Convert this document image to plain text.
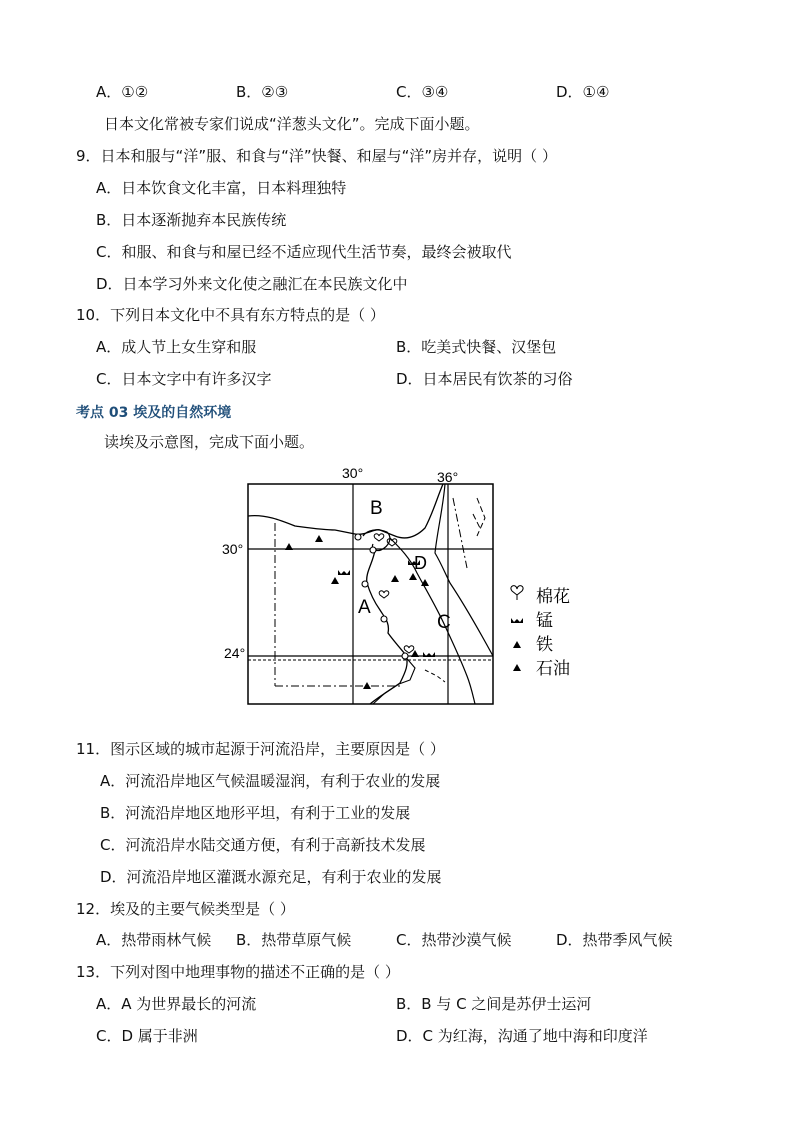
A．①②	B．②③	C．③④	D．①④
日本文化常被专家们说成“洋葱头文化”。完成下面小题。
9．日本和服与“洋”服、和食与“洋”快餐、和屋与“洋”房并存，说明（ ）
A．日本饮食文化丰富，日本料理独特
B．日本逐渐抛弃本民族传统
C．和服、和食与和屋已经不适应现代生活节奏，最终会被取代
D．日本学习外来文化使之融汇在本民族文化中
10．下列日本文化中不具有东方特点的是（ ）
A．成人节上女生穿和服	B．吃美式快餐、汉堡包
C．日本文字中有许多汉字	D．日本居民有饮茶的习俗
考点 03 埃及的自然环境
读埃及示意图，完成下面小题。
30°	36°
30°
24°
B
A
C
D
棉花
锰
铁
石油
11．图示区域的城市起源于河流沿岸，主要原因是（ ）
A．河流沿岸地区气候温暖湿润，有利于农业的发展
B．河流沿岸地区地形平坦，有利于工业的发展
C．河流沿岸水陆交通方便，有利于高新技术发展
D．河流沿岸地区灌溉水源充足，有利于农业的发展
12．埃及的主要气候类型是（ ）
A．热带雨林气候 B．热带草原气候	C．热带沙漠气候	D．热带季风气候
13．下列对图中地理事物的描述不正确的是（ ）
A．A 为世界最长的河流	B．B 与 C 之间是苏伊士运河
C．D 属于非洲	D．C 为红海，沟通了地中海和印度洋
